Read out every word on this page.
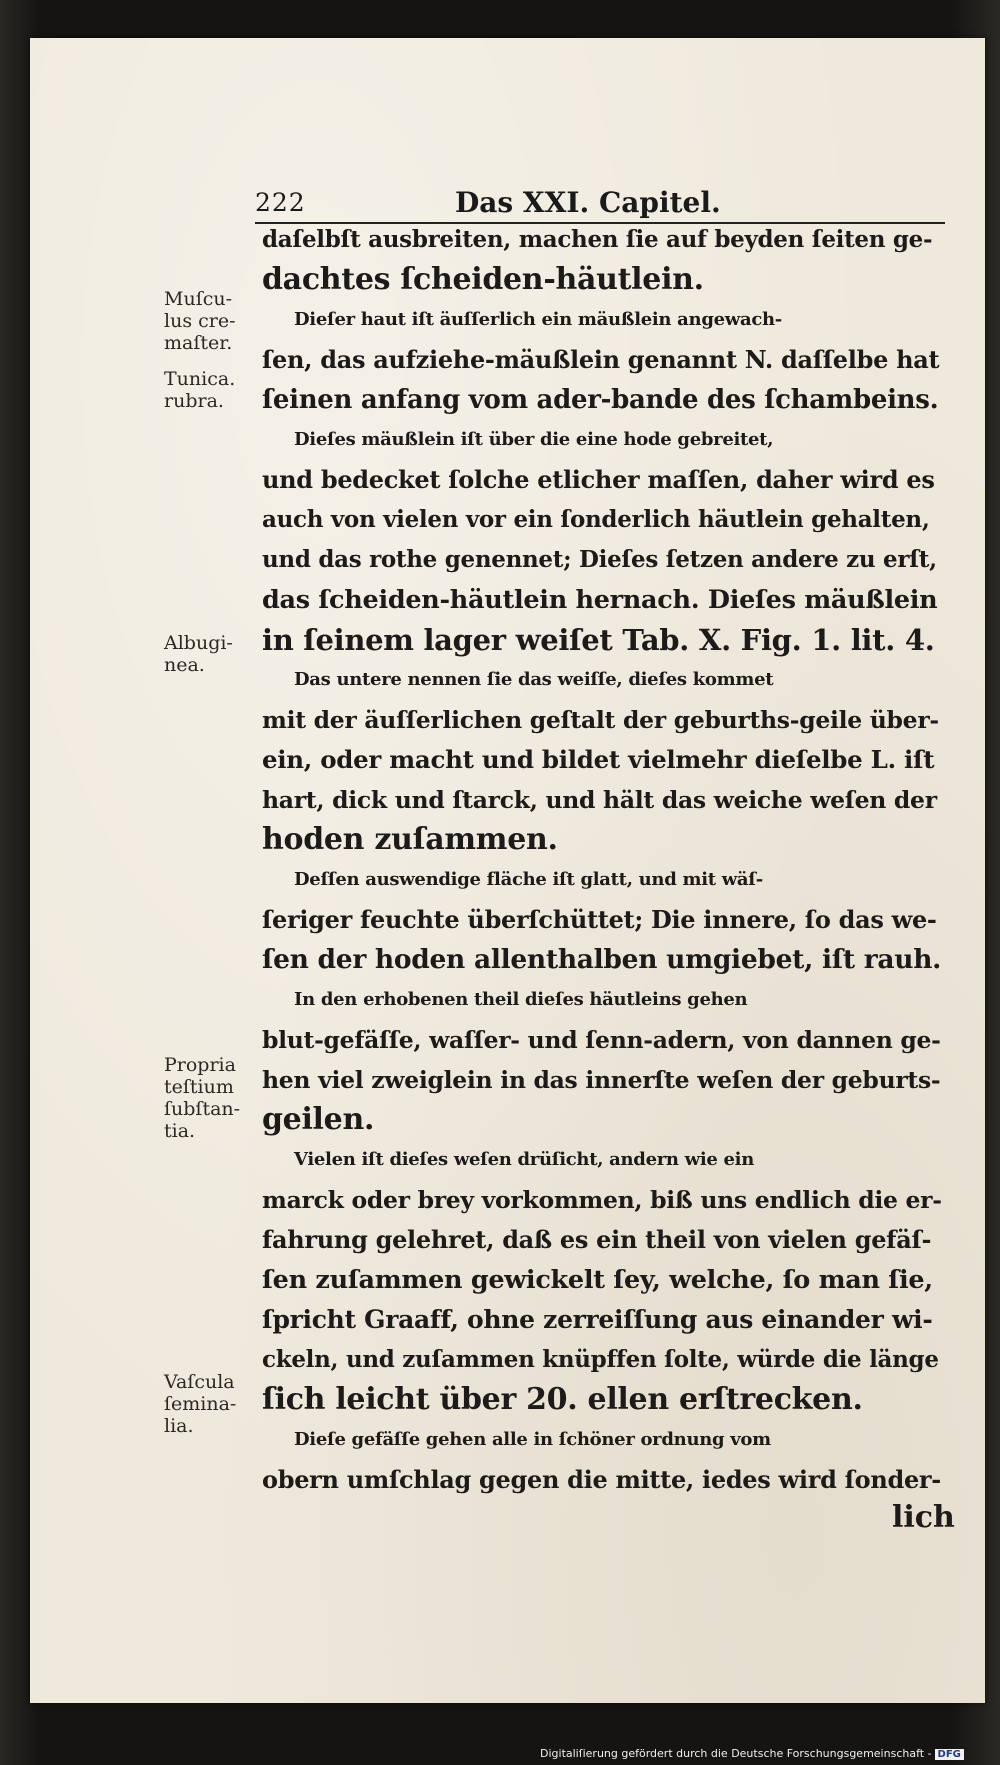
222	Das XXI. Capitel.
Muſcu- lus cre- maſter.
Tunica. rubra.
Albugi- nea.
Propria teſtium ſubſtan- tia.
Vaſcula ſemina- lia.
daſelbſt ausbreiten, machen ſie auf beyden ſeiten ge-
dachtes ſcheiden-häutlein.
Dieſer haut iſt äuſſerlich ein mäußlein angewach-
ſen, das aufziehe-mäußlein genannt N. daſſelbe hat
ſeinen anfang vom ader-bande des ſchambeins.
Dieſes mäußlein iſt über die eine hode gebreitet,
und bedecket ſolche etlicher maſſen, daher wird es
auch von vielen vor ein ſonderlich häutlein gehalten,
und das rothe genennet; Dieſes ſetzen andere zu erſt,
das ſcheiden-häutlein hernach. Dieſes mäußlein
in ſeinem lager weiſet Tab. X. Fig. 1. lit. 4.
Das untere nennen ſie das weiſſe, dieſes kommet
mit der äuſſerlichen geſtalt der geburths-geile über-
ein, oder macht und bildet vielmehr dieſelbe L. iſt
hart, dick und ſtarck, und hält das weiche weſen der
hoden zuſammen.
Deſſen auswendige fläche iſt glatt, und mit wäſ-
ſeriger feuchte überſchüttet; Die innere, ſo das we-
ſen der hoden allenthalben umgiebet, iſt rauh.
In den erhobenen theil dieſes häutleins gehen
blut-gefäſſe, waſſer- und ſenn-adern, von dannen ge-
hen viel zweiglein in das innerſte weſen der geburts-
geilen.
Vielen iſt dieſes weſen drüſicht, andern wie ein
marck oder brey vorkommen, biß uns endlich die er-
fahrung gelehret, daß es ein theil von vielen gefäſ-
ſen zuſammen gewickelt ſey, welche, ſo man ſie,
ſpricht Graaff, ohne zerreiſſung aus einander wi-
ckeln, und zuſammen knüpffen ſolte, würde die länge
ſich leicht über 20. ellen erſtrecken.
Dieſe gefäſſe gehen alle in ſchöner ordnung vom
obern umſchlag gegen die mitte, iedes wird ſonder-
lich
Digitaliſierung gefördert durch die Deutsche Forschungsgemeinschaft - DFG
